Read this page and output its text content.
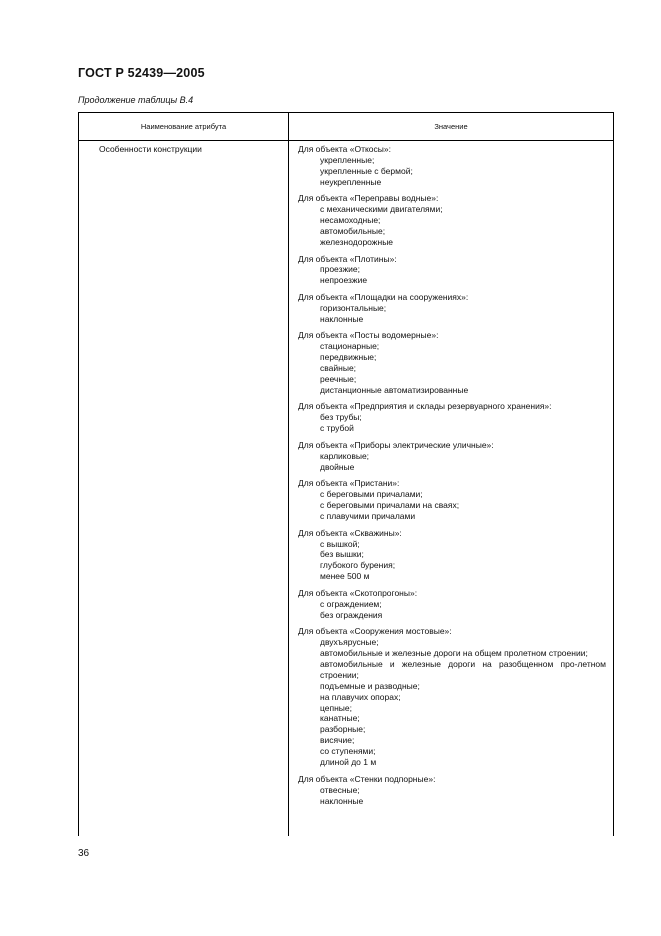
ГОСТ Р 52439—2005
Продолжение таблицы В.4
Наименование атрибута	Значение
Особенности конструкции	Для объекта «Откосы»:
укрепленные;
укрепленные с бермой;
неукрепленные
Для объекта «Переправы водные»:
с механическими двигателями;
несамоходные;
автомобильные;
железнодорожные
Для объекта «Плотины»:
проезжие;
непроезжие
Для объекта «Площадки на сооружениях»:
горизонтальные;
наклонные
Для объекта «Посты водомерные»:
стационарные;
передвижные;
свайные;
реечные;
дистанционные автоматизированные
Для объекта «Предприятия и склады резервуарного хранения»:
без трубы;
с трубой
Для объекта «Приборы электрические уличные»:
карликовые;
двойные
Для объекта «Пристани»:
с береговыми причалами;
с береговыми причалами на сваях;
с плавучими причалами
Для объекта «Скважины»:
с вышкой;
без вышки;
глубокого бурения;
менее 500 м
Для объекта «Скотопрогоны»:
с ограждением;
без ограждения
Для объекта «Сооружения мостовые»:
двухъярусные;
автомобильные и железные дороги на общем пролетном строении;
автомобильные и железные дороги на разобщенном про-летном строении;
подъемные и разводные;
на плавучих опорах;
цепные;
канатные;
разборные;
висячие;
со ступенями;
длиной до 1 м
Для объекта «Стенки подпорные»:
отвесные;
наклонные
36
